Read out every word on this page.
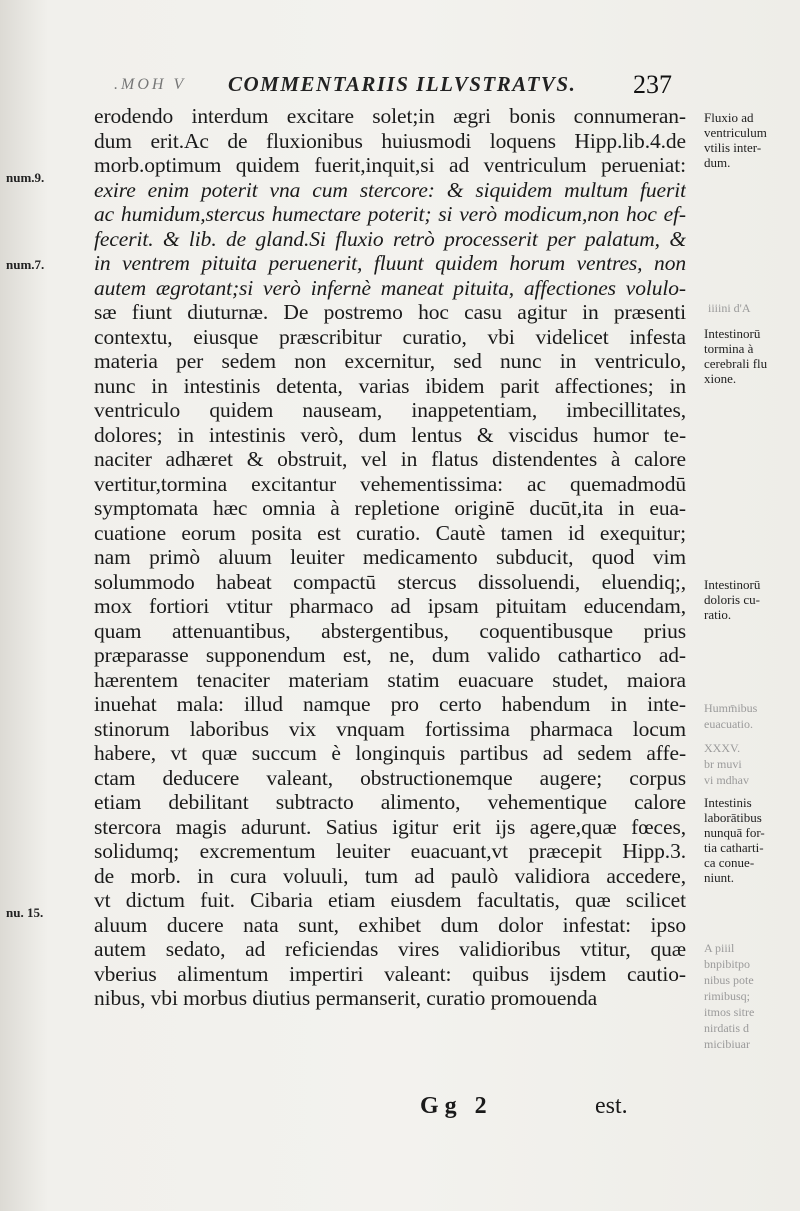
.MOH V COMMENTARIIS ILLVSTRATVS. 237
erodendo interdum excitare solet;in ægri bonis connumeran-
dum erit.Ac de fluxionibus huiusmodi loquens Hipp.lib.4.de
morb.optimum quidem fuerit,inquit,si ad ventriculum perueniat:
exire enim poterit vna cum stercore: & siquidem multum fuerit
ac humidum,stercus humectare poterit; si verò modicum,non hoc ef-
fecerit. & lib. de gland.Si fluxio retrò processerit per palatum, &
in ventrem pituita peruenerit, fluunt quidem horum ventres, non
autem ægrotant;si verò infernè maneat pituita, affectiones volulo-
sæ fiunt diuturnæ. De postremo hoc casu agitur in præsenti
contextu, eiusque præscribitur curatio, vbi videlicet infesta
materia per sedem non excernitur, sed nunc in ventriculo,
nunc in intestinis detenta, varias ibidem parit affectiones; in
ventriculo quidem nauseam, inappetentiam, imbecillitates,
dolores; in intestinis verò, dum lentus & viscidus humor te-
naciter adhæret & obstruit, vel in flatus distendentes à calore
vertitur,tormina excitantur vehementissima: ac quemadmodū
symptomata hæc omnia à repletione originē ducūt,ita in eua-
cuatione eorum posita est curatio. Cautè tamen id exequitur;
nam primò aluum leuiter medicamento subducit, quod vim
solummodo habeat compactū stercus dissoluendi, eluendiq;,
mox fortiori vtitur pharmaco ad ipsam pituitam educendam,
quam attenuantibus, abstergentibus, coquentibusque prius
præparasse supponendum est, ne, dum valido cathartico ad-
hærentem tenaciter materiam statim euacuare studet, maiora
inuehat mala: illud namque pro certo habendum in inte-
stinorum laboribus vix vnquam fortissima pharmaca locum
habere, vt quæ succum è longinquis partibus ad sedem affe-
ctam deducere valeant, obstructionemque augere; corpus
etiam debilitant subtracto alimento, vehementique calore
stercora magis adurunt. Satius igitur erit ijs agere,quæ fœces,
solidumq; excrementum leuiter euacuant,vt præcepit Hipp.3.
de morb. in cura voluuli, tum ad paulò validiora accedere,
vt dictum fuit. Cibaria etiam eiusdem facultatis, quæ scilicet
aluum ducere nata sunt, exhibet dum dolor infestat: ipso
autem sedato, ad reficiendas vires validioribus vtitur, quæ
vberius alimentum impertiri valeant: quibus ijsdem cautio-
nibus, vbi morbus diutius permanserit, curatio promouenda
num.9.
num.7.
nu. 15.
Fluxio ad
ventriculum
vtilis inter-
dum.
Intestinorū
tormina à
cerebrali flu
xione.
Intestinorū
doloris cu-
ratio.
Intestinis
laborātibus
nunquā for-
tia catharti-
ca conue-
niunt.
iiiini d'A
Humm̄ibus
euacuatio.
XXXV.
br muvi
vi mdhav
A piiil
bnpibitpo
nibus pote
rimibusq;
itmos sitre
nirdatis d
micibiuar
Gg 2	est.
